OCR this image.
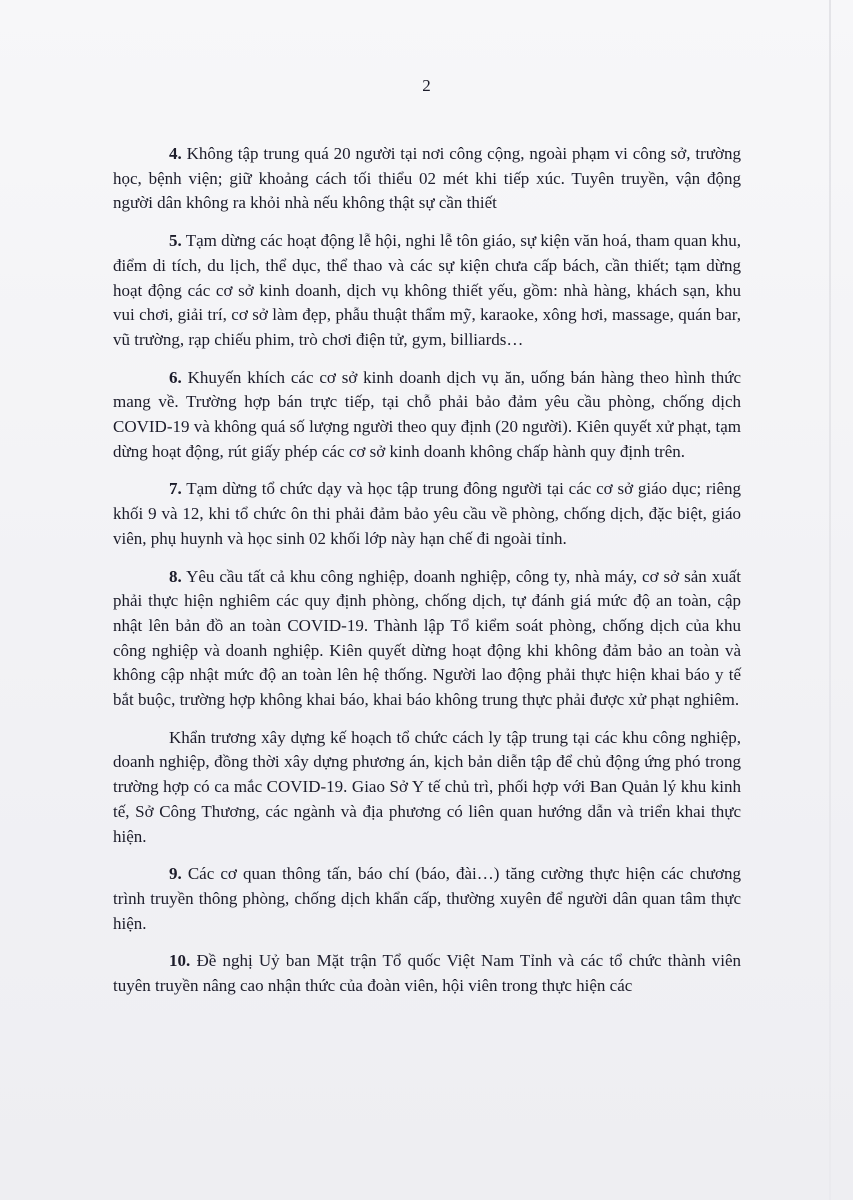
2

4. Không tập trung quá 20 người tại nơi công cộng, ngoài phạm vi công sở, trường học, bệnh viện; giữ khoảng cách tối thiểu 02 mét khi tiếp xúc. Tuyên truyền, vận động người dân không ra khỏi nhà nếu không thật sự cần thiết

5. Tạm dừng các hoạt động lễ hội, nghi lễ tôn giáo, sự kiện văn hoá, tham quan khu, điểm di tích, du lịch, thể dục, thể thao và các sự kiện chưa cấp bách, cần thiết; tạm dừng hoạt động các cơ sở kinh doanh, dịch vụ không thiết yếu, gồm: nhà hàng, khách sạn, khu vui chơi, giải trí, cơ sở làm đẹp, phẫu thuật thẩm mỹ, karaoke, xông hơi, massage, quán bar, vũ trường, rạp chiếu phim, trò chơi điện tử, gym, billiards…

6. Khuyến khích các cơ sở kinh doanh dịch vụ ăn, uống bán hàng theo hình thức mang về. Trường hợp bán trực tiếp, tại chỗ phải bảo đảm yêu cầu phòng, chống dịch COVID-19 và không quá số lượng người theo quy định (20 người). Kiên quyết xử phạt, tạm dừng hoạt động, rút giấy phép các cơ sở kinh doanh không chấp hành quy định trên.

7. Tạm dừng tổ chức dạy và học tập trung đông người tại các cơ sở giáo dục; riêng khối 9 và 12, khi tổ chức ôn thi phải đảm bảo yêu cầu về phòng, chống dịch, đặc biệt, giáo viên, phụ huynh và học sinh 02 khối lớp này hạn chế đi ngoài tỉnh.

8. Yêu cầu tất cả khu công nghiệp, doanh nghiệp, công ty, nhà máy, cơ sở sản xuất phải thực hiện nghiêm các quy định phòng, chống dịch, tự đánh giá mức độ an toàn, cập nhật lên bản đồ an toàn COVID-19. Thành lập Tổ kiểm soát phòng, chống dịch của khu công nghiệp và doanh nghiệp. Kiên quyết dừng hoạt động khi không đảm bảo an toàn và không cập nhật mức độ an toàn lên hệ thống. Người lao động phải thực hiện khai báo y tế bắt buộc, trường hợp không khai báo, khai báo không trung thực phải được xử phạt nghiêm.

Khẩn trương xây dựng kế hoạch tổ chức cách ly tập trung tại các khu công nghiệp, doanh nghiệp, đồng thời xây dựng phương án, kịch bản diễn tập để chủ động ứng phó trong trường hợp có ca mắc COVID-19. Giao Sở Y tế chủ trì, phối hợp với Ban Quản lý khu kinh tế, Sở Công Thương, các ngành và địa phương có liên quan hướng dẫn và triển khai thực hiện.

9. Các cơ quan thông tấn, báo chí (báo, đài…) tăng cường thực hiện các chương trình truyền thông phòng, chống dịch khẩn cấp, thường xuyên để người dân quan tâm thực hiện.

10. Đề nghị Uỷ ban Mặt trận Tổ quốc Việt Nam Tỉnh và các tổ chức thành viên tuyên truyền nâng cao nhận thức của đoàn viên, hội viên trong thực hiện các
